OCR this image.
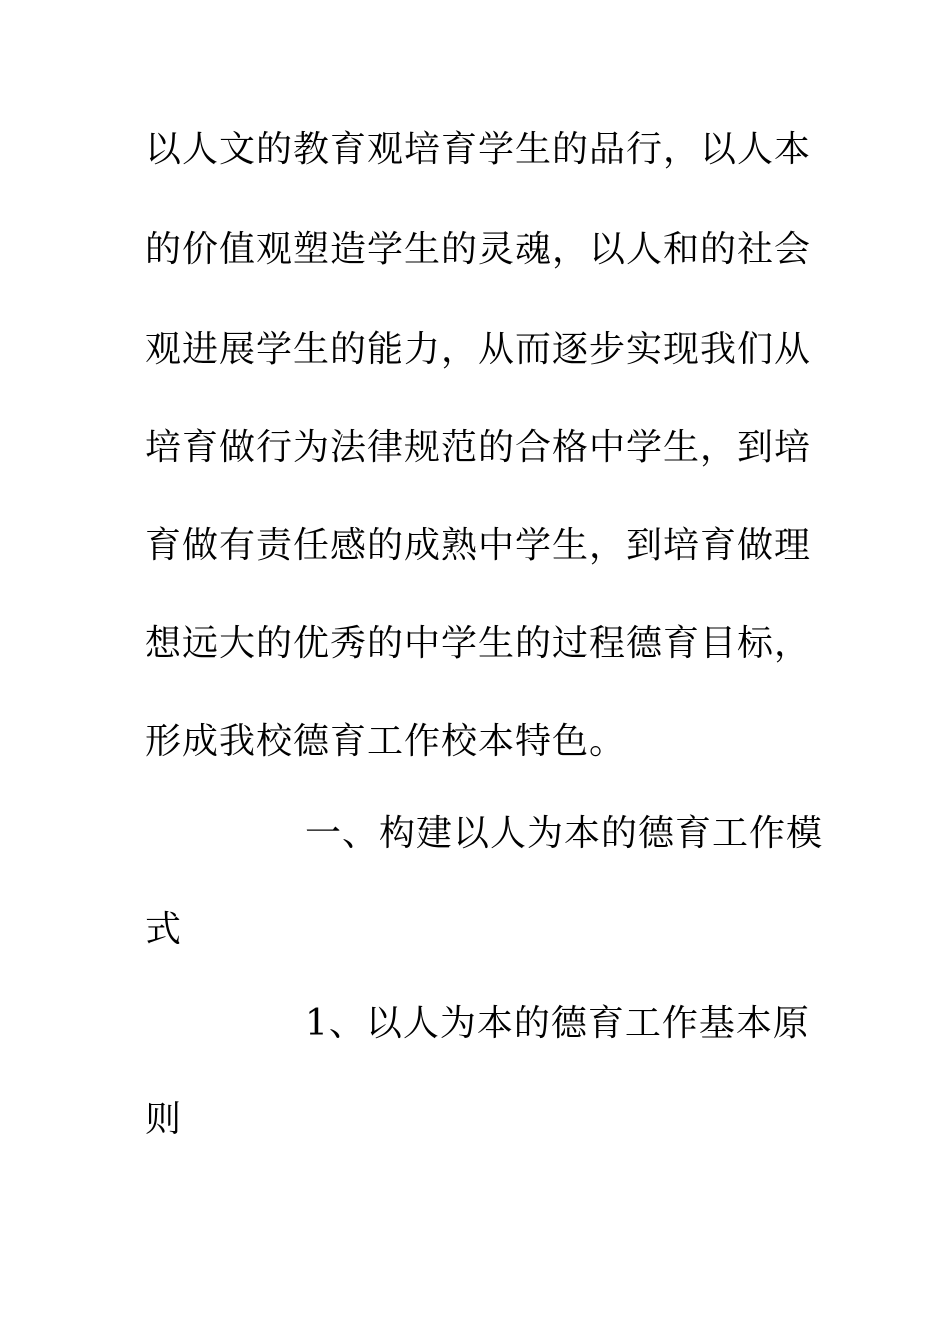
以人文的教育观培育学生的品行，以人本
的价值观塑造学生的灵魂，以人和的社会
观进展学生的能力，从而逐步实现我们从
培育做行为法律规范的合格中学生，到培
育做有责任感的成熟中学生，到培育做理
想远大的优秀的中学生的过程德育目标，
形成我校德育工作校本特色。
一、构建以人为本的德育工作模
式
1、以人为本的德育工作基本原
则
